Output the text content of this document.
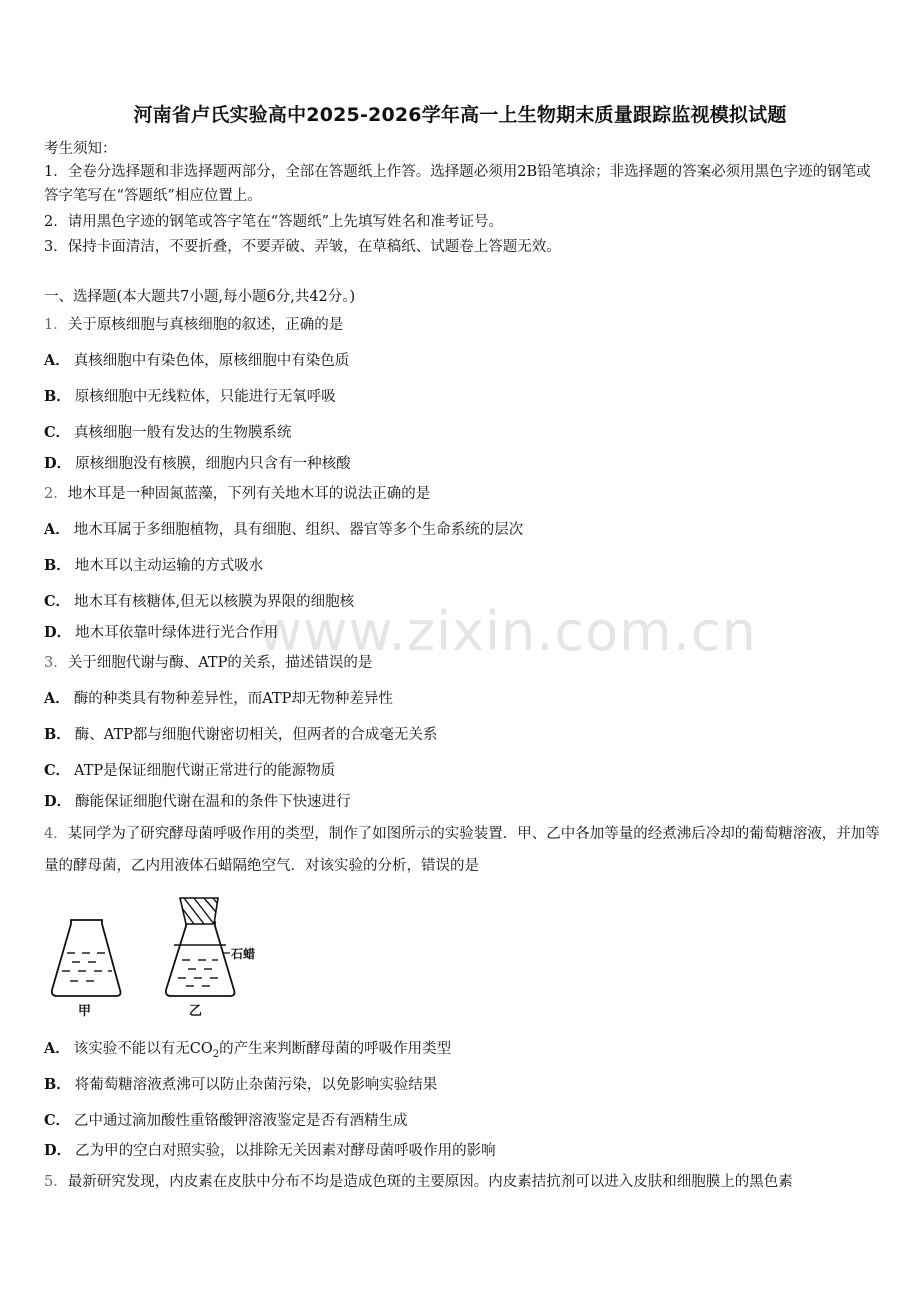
河南省卢氏实验高中2025-2026学年高一上生物期末质量跟踪监视模拟试题
考生须知：
1．全卷分选择题和非选择题两部分，全部在答题纸上作答。选择题必须用2B铅笔填涂；非选择题的答案必须用黑色字迹的钢笔或答字笔写在“答题纸”相应位置上。
2．请用黑色字迹的钢笔或答字笔在“答题纸”上先填写姓名和准考证号。
3．保持卡面清洁，不要折叠，不要弄破、弄皱，在草稿纸、试题卷上答题无效。
一、选择题(本大题共7小题,每小题6分,共42分。)
1．关于原核细胞与真核细胞的叙述，正确的是
A． 真核细胞中有染色体，原核细胞中有染色质
B． 原核细胞中无线粒体，只能进行无氧呼吸
C． 真核细胞一般有发达的生物膜系统
D． 原核细胞没有核膜，细胞内只含有一种核酸
2．地木耳是一种固氮蓝藻，下列有关地木耳的说法正确的是
A． 地木耳属于多细胞植物，具有细胞、组织、器官等多个生命系统的层次
B． 地木耳以主动运输的方式吸水
C． 地木耳有核糖体,但无以核膜为界限的细胞核
D． 地木耳依靠叶绿体进行光合作用
www.zixin.com.cn
3．关于细胞代谢与酶、ATP的关系，描述错误的是
A． 酶的种类具有物种差异性，而ATP却无物种差异性
B． 酶、ATP都与细胞代谢密切相关，但两者的合成毫无关系
C． ATP是保证细胞代谢正常进行的能源物质
D． 酶能保证细胞代谢在温和的条件下快速进行
4．某同学为了研究酵母菌呼吸作用的类型，制作了如图所示的实验装置．甲、乙中各加等量的经煮沸后冷却的葡萄糖溶液，并加等量的酵母菌，乙内用液体石蜡隔绝空气．对该实验的分析，错误的是
甲	乙
石蜡
A． 该实验不能以有无$CO_2$的产生来判断酵母菌的呼吸作用类型
B． 将葡萄糖溶液煮沸可以防止杂菌污染，以免影响实验结果
C． 乙中通过滴加酸性重铬酸钾溶液鉴定是否有酒精生成
D． 乙为甲的空白对照实验，以排除无关因素对酵母菌呼吸作用的影响
5．最新研究发现，内皮素在皮肤中分布不均是造成色斑的主要原因。内皮素拮抗剂可以进入皮肤和细胞膜上的黑色素
